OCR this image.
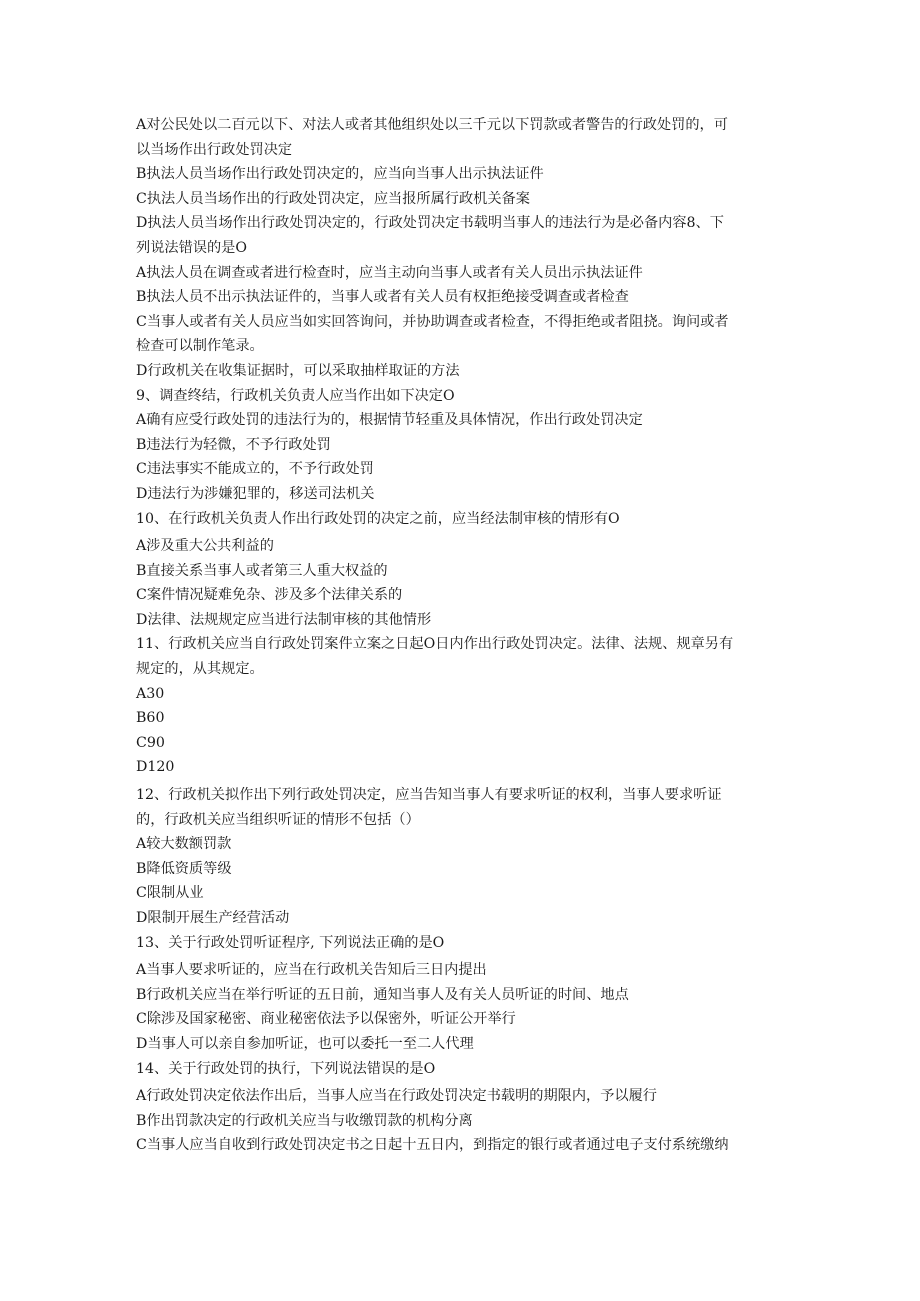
A对公民处以二百元以下、对法人或者其他组织处以三千元以下罚款或者警告的行政处罚的，可
以当场作出行政处罚决定
B执法人员当场作出行政处罚决定的，应当向当事人出示执法证件
C执法人员当场作出的行政处罚决定，应当报所属行政机关备案
D执法人员当场作出行政处罚决定的，行政处罚决定书载明当事人的违法行为是必备内容8、下
列说法错误的是O
A执法人员在调查或者进行检查时，应当主动向当事人或者有关人员出示执法证件
B执法人员不出示执法证件的，当事人或者有关人员有权拒绝接受调查或者检查
C当事人或者有关人员应当如实回答询问，并协助调查或者检查，不得拒绝或者阻挠。询问或者
检查可以制作笔录。
D行政机关在收集证据时，可以采取抽样取证的方法
9、调查终结，行政机关负责人应当作出如下决定O
A确有应受行政处罚的违法行为的，根据情节轻重及具体情况，作出行政处罚决定
B违法行为轻微，不予行政处罚
C违法事实不能成立的，不予行政处罚
D违法行为涉嫌犯罪的，移送司法机关
10、在行政机关负责人作出行政处罚的决定之前，应当经法制审核的情形有O
A涉及重大公共利益的
B直接关系当事人或者第三人重大权益的
C案件情况疑难免杂、涉及多个法律关系的
D法律、法规规定应当进行法制审核的其他情形
11、行政机关应当自行政处罚案件立案之日起O日内作出行政处罚决定。法律、法规、规章另有
规定的，从其规定。
A30
B60
C90
D120
12、行政机关拟作出下列行政处罚决定，应当告知当事人有要求听证的权利，当事人要求听证
的，行政机关应当组织听证的情形不包括（）
A较大数额罚款
B降低资质等级
C限制从业
D限制开展生产经营活动
13、关于行政处罚听证程序, 下列说法正确的是O
A当事人要求听证的，应当在行政机关告知后三日内提出
B行政机关应当在举行听证的五日前，通知当事人及有关人员听证的时间、地点
C除涉及国家秘密、商业秘密依法予以保密外，听证公开举行
D当事人可以亲自参加听证，也可以委托一至二人代理
14、关于行政处罚的执行，下列说法错误的是O
A行政处罚决定依法作出后，当事人应当在行政处罚决定书载明的期限内，予以履行
B作出罚款决定的行政机关应当与收缴罚款的机构分离
C当事人应当自收到行政处罚决定书之日起十五日内，到指定的银行或者通过电子支付系统缴纳
